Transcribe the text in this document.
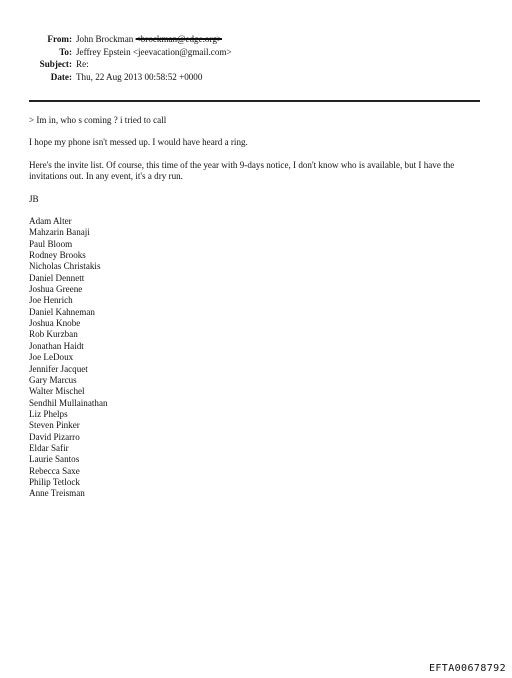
From: John Brockman <brockman@edge.org>
To: Jeffrey Epstein <jeevacation@gmail.com>
Subject: Re:
Date: Thu, 22 Aug 2013 00:58:52 +0000

> Im in, who s coming ? i tried to call

I hope my phone isn't messed up. I would have heard a ring.

Here's the invite list. Of course, this time of the year with 9-days notice, I don't know who is available, but I have the invitations out. In any event, it's a dry run.

JB

Adam Alter
Mahzarin Banaji
Paul Bloom
Rodney Brooks
Nicholas Christakis
Daniel Dennett
Joshua Greene
Joe Henrich
Daniel Kahneman
Joshua Knobe
Rob Kurzban
Jonathan Haidt
Joe LeDoux
Jennifer Jacquet
Gary Marcus
Walter Mischel
Sendhil Mullainathan
Liz Phelps
Steven Pinker
David Pizarro
Eldar Safir
Laurie Santos
Rebecca Saxe
Philip Tetlock
Anne Treisman
EFTA00678792
